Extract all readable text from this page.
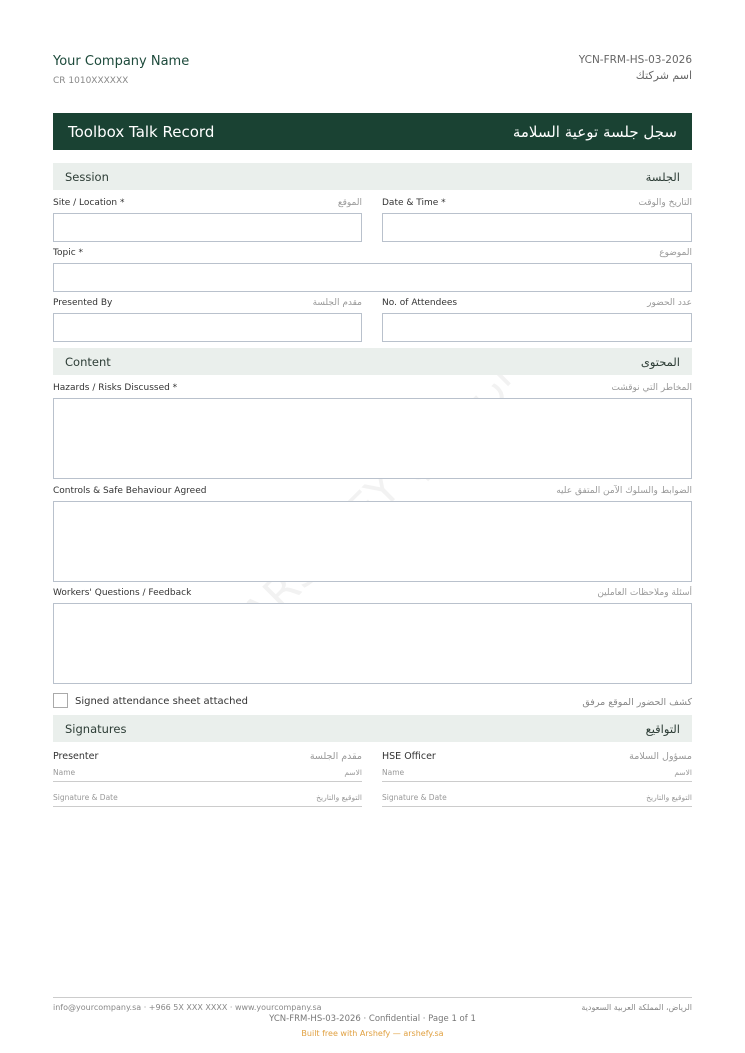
Your Company Name
CR 1010XXXXXX
YCN-FRM-HS-03-2026
اسم شركتك
Toolbox Talk Record	سجل جلسة توعية السلامة
Session	الجلسة
Site / Location *	الموقع Date & Time *	التاريخ والوقت
Topic *	الموضوع
Presented By	مقدم الجلسة No. of Attendees	عدد الحضور
Content	المحتوى
Hazards / Risks Discussed *	المخاطر التي نوقشت
Controls & Safe Behaviour Agreed	الضوابط والسلوك الآمن المتفق عليه
Workers' Questions / Feedback	أسئلة وملاحظات العاملين
Signed attendance sheet attached	كشف الحضور الموقع مرفق
Signatures	التواقيع
Presenter	مقدم الجلسة
Name	الاسم
Signature & Date	التوقيع والتاريخ
HSE Officer	مسؤول السلامة
Name	الاسم
Signature & Date	التوقيع والتاريخ
info@yourcompany.sa · +966 5X XXX XXXX · www.yourcompany.sa	الرياض، المملكة العربية السعودية
YCN-FRM-HS-03-2026 · Confidential · Page 1 of 1
Built free with Arshefy — arshefy.sa
